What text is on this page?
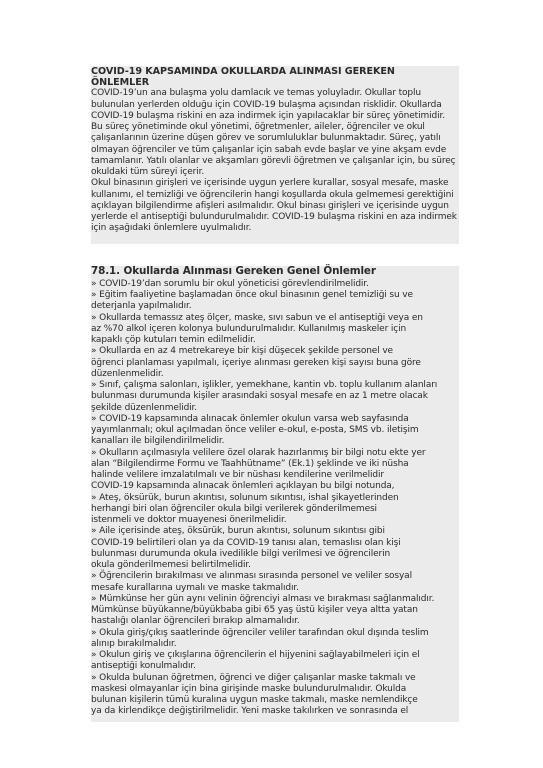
COVID-19 KAPSAMINDA OKULLARDA ALINMASI GEREKEN
ÖNLEMLER
COVID-19’un ana bulaşma yolu damlacık ve temas yoluyladır. Okullar toplu
bulunulan yerlerden olduğu için COVID-19 bulaşma açısından risklidir. Okullarda
COVID-19 bulaşma riskini en aza indirmek için yapılacaklar bir süreç yönetimidir.
Bu süreç yönetiminde okul yönetimi, öğretmenler, aileler, öğrenciler ve okul
çalışanlarının üzerine düşen görev ve sorumluluklar bulunmaktadır. Süreç, yatılı
olmayan öğrenciler ve tüm çalışanlar için sabah evde başlar ve yine akşam evde
tamamlanır. Yatılı olanlar ve akşamları görevli öğretmen ve çalışanlar için, bu süreç
okuldaki tüm süreyi içerir.
Okul binasının girişleri ve içerisinde uygun yerlere kurallar, sosyal mesafe, maske
kullanımı, el temizliği ve öğrencilerin hangi koşullarda okula gelmemesi gerektiğini
açıklayan bilgilendirme afişleri asılmalıdır. Okul binası girişleri ve içerisinde uygun
yerlerde el antiseptiği bulundurulmalıdır. COVID-19 bulaşma riskini en aza indirmek
için aşağıdaki önlemlere uyulmalıdır.
78.1. Okullarda Alınması Gereken Genel Önlemler
» COVID-19’dan sorumlu bir okul yöneticisi görevlendirilmelidir.
» Eğitim faaliyetine başlamadan önce okul binasının genel temizliği su ve
deterjanla yapılmalıdır.
» Okullarda temassız ateş ölçer, maske, sıvı sabun ve el antiseptiği veya en
az %70 alkol içeren kolonya bulundurulmalıdır. Kullanılmış maskeler için
kapaklı çöp kutuları temin edilmelidir.
» Okullarda en az 4 metrekareye bir kişi düşecek şekilde personel ve
öğrenci planlaması yapılmalı, içeriye alınması gereken kişi sayısı buna göre
düzenlenmelidir.
» Sınıf, çalışma salonları, işlikler, yemekhane, kantin vb. toplu kullanım alanları
bulunması durumunda kişiler arasındaki sosyal mesafe en az 1 metre olacak
şekilde düzenlenmelidir.
» COVID-19 kapsamında alınacak önlemler okulun varsa web sayfasında
yayımlanmalı; okul açılmadan önce veliler e-okul, e-posta, SMS vb. iletişim
kanalları ile bilgilendirilmelidir.
» Okulların açılmasıyla velilere özel olarak hazırlanmış bir bilgi notu ekte yer
alan “Bilgilendirme Formu ve Taahhütname” (Ek.1) şeklinde ve iki nüsha
halinde velilere imzalatılmalı ve bir nüshası kendilerine verilmelidir
COVID-19 kapsamında alınacak önlemleri açıklayan bu bilgi notunda,
» Ateş, öksürük, burun akıntısı, solunum sıkıntısı, ishal şikayetlerinden
herhangi biri olan öğrenciler okula bilgi verilerek gönderilmemesi
istenmeli ve doktor muayenesi önerilmelidir.
» Aile içerisinde ateş, öksürük, burun akıntısı, solunum sıkıntısı gibi
COVID-19 belirtileri olan ya da COVID-19 tanısı alan, temaslısı olan kişi
bulunması durumunda okula ivedilikle bilgi verilmesi ve öğrencilerin
okula gönderilmemesi belirtilmelidir.
» Öğrencilerin bırakılması ve alınması sırasında personel ve veliler sosyal
mesafe kurallarına uymalı ve maske takmalıdır.
» Mümkünse her gün aynı velinin öğrenciyi alması ve bırakması sağlanmalıdır.
Mümkünse büyükanne/büyükbaba gibi 65 yaş üstü kişiler veya altta yatan
hastalığı olanlar öğrencileri bırakıp almamalıdır.
» Okula giriş/çıkış saatlerinde öğrenciler veliler tarafından okul dışında teslim
alınıp bırakılmalıdır.
» Okulun giriş ve çıkışlarına öğrencilerin el hijyenini sağlayabilmeleri için el
antiseptiği konulmalıdır.
» Okulda bulunan öğretmen, öğrenci ve diğer çalışanlar maske takmalı ve
maskesi olmayanlar için bina girişinde maske bulundurulmalıdır. Okulda
bulunan kişilerin tümü kuralına uygun maske takmalı, maske nemlendikçe
ya da kirlendikçe değiştirilmelidir. Yeni maske takılırken ve sonrasında el
